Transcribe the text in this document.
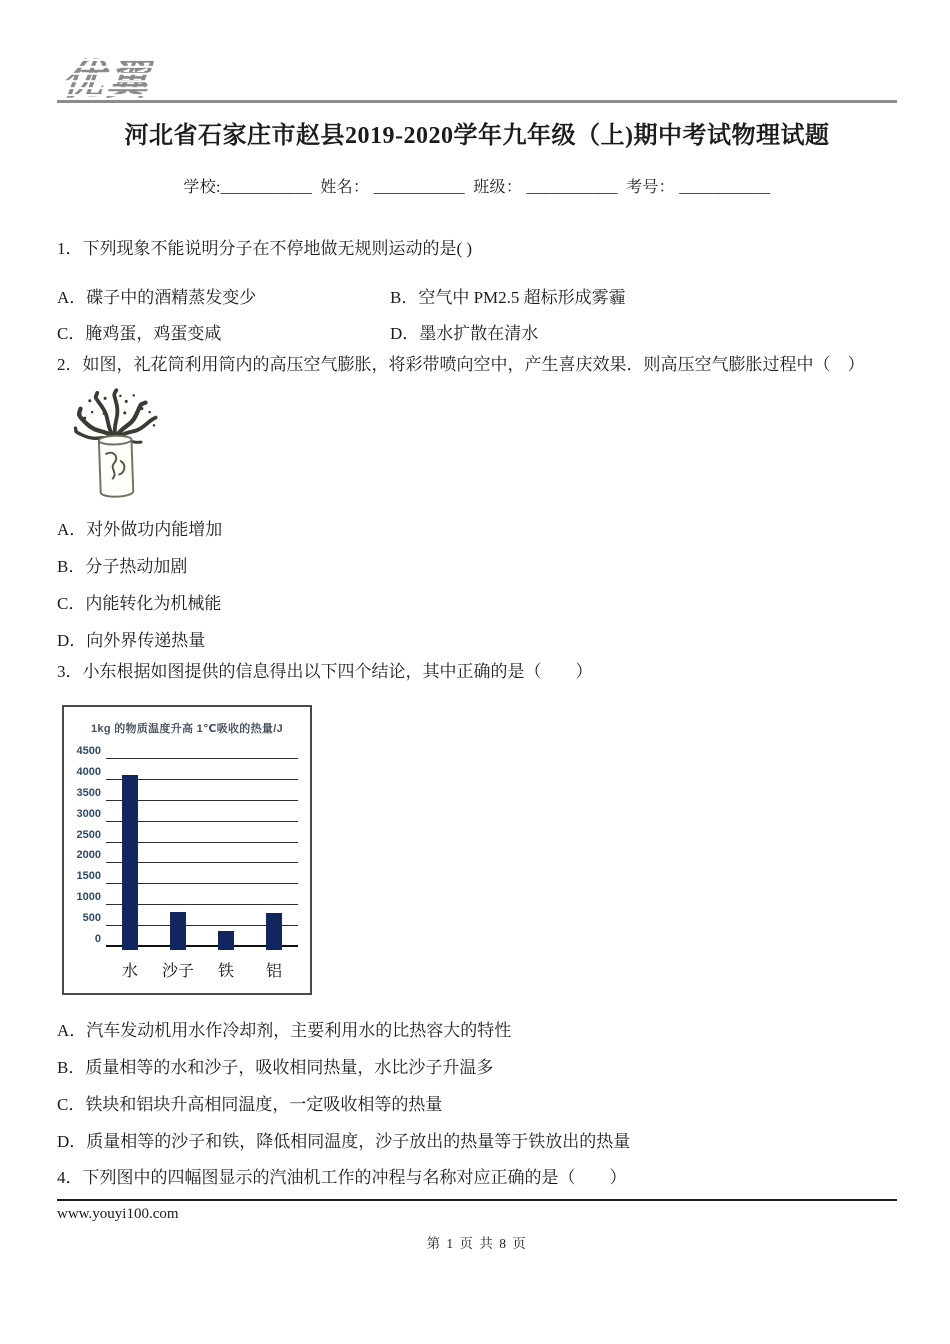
优翼
河北省石家庄市赵县2019-2020学年九年级（上)期中考试物理试题
学校:___________ 姓名： ___________ 班级： ___________ 考号： ___________
1．下列现象不能说明分子在不停地做无规则运动的是( )
A．碟子中的酒精蒸发变少	B．空气中 PM2.5 超标形成雾霾
C．腌鸡蛋，鸡蛋变咸	D．墨水扩散在清水
2．如图，礼花筒利用筒内的高压空气膨胀，将彩带喷向空中，产生喜庆效果．则高压空气膨胀过程中（　）
A．对外做功内能增加
B．分子热动加剧
C．内能转化为机械能
D．向外界传递热量
3．小东根据如图提供的信息得出以下四个结论，其中正确的是（　　）
1kg 的物质温度升高 1℃吸收的热量/J
0
500
1000
1500
2000
2500
3000
3500
4000
4500
水	沙子	铁	铝
A．汽车发动机用水作冷却剂，主要利用水的比热容大的特性
B．质量相等的水和沙子，吸收相同热量，水比沙子升温多
C．铁块和铝块升高相同温度，一定吸收相等的热量
D．质量相等的沙子和铁，降低相同温度，沙子放出的热量等于铁放出的热量
4．下列图中的四幅图显示的汽油机工作的冲程与名称对应正确的是（　　）
www.youyi100.com
第 1 页 共 8 页
